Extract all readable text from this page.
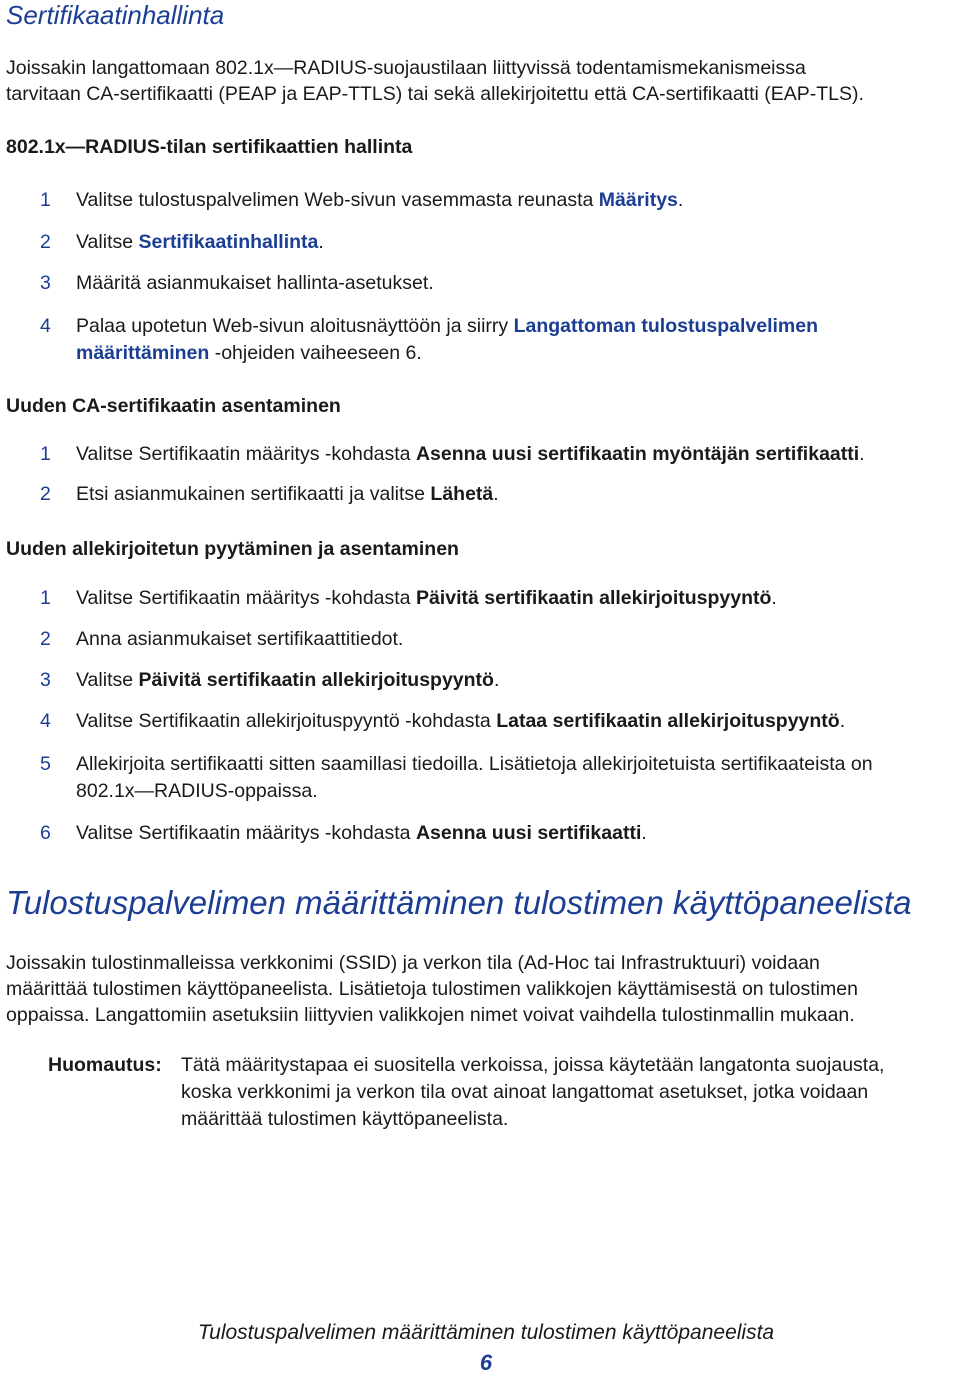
Sertifikaatinhallinta
Joissakin langattomaan 802.1x—RADIUS-suojaustilaan liittyvissä todentamismekanismeissa
tarvitaan CA-sertifikaatti (PEAP ja EAP-TTLS) tai sekä allekirjoitettu että CA-sertifikaatti (EAP-TLS).
802.1x—RADIUS-tilan sertifikaattien hallinta
1 Valitse tulostuspalvelimen Web-sivun vasemmasta reunasta Määritys.
2 Valitse Sertifikaatinhallinta.
3 Määritä asianmukaiset hallinta-asetukset.
4 Palaa upotetun Web-sivun aloitusnäyttöön ja siirry Langattoman tulostuspalvelimen
määrittäminen -ohjeiden vaiheeseen 6.
Uuden CA-sertifikaatin asentaminen
1 Valitse Sertifikaatin määritys -kohdasta Asenna uusi sertifikaatin myöntäjän sertifikaatti.
2 Etsi asianmukainen sertifikaatti ja valitse Lähetä.
Uuden allekirjoitetun pyytäminen ja asentaminen
1 Valitse Sertifikaatin määritys -kohdasta Päivitä sertifikaatin allekirjoituspyyntö.
2 Anna asianmukaiset sertifikaattitiedot.
3 Valitse Päivitä sertifikaatin allekirjoituspyyntö.
4 Valitse Sertifikaatin allekirjoituspyyntö -kohdasta Lataa sertifikaatin allekirjoituspyyntö.
5 Allekirjoita sertifikaatti sitten saamillasi tiedoilla. Lisätietoja allekirjoitetuista sertifikaateista on
802.1x—RADIUS-oppaissa.
6 Valitse Sertifikaatin määritys -kohdasta Asenna uusi sertifikaatti.
Tulostuspalvelimen määrittäminen tulostimen käyttöpaneelista
Joissakin tulostinmalleissa verkkonimi (SSID) ja verkon tila (Ad-Hoc tai Infrastruktuuri) voidaan
määrittää tulostimen käyttöpaneelista. Lisätietoja tulostimen valikkojen käyttämisestä on tulostimen
oppaissa. Langattomiin asetuksiin liittyvien valikkojen nimet voivat vaihdella tulostinmallin mukaan.
Huomautus: Tätä määritystapaa ei suositella verkoissa, joissa käytetään langatonta suojausta,
koska verkkonimi ja verkon tila ovat ainoat langattomat asetukset, jotka voidaan
määrittää tulostimen käyttöpaneelista.
Tulostuspalvelimen määrittäminen tulostimen käyttöpaneelista
6
